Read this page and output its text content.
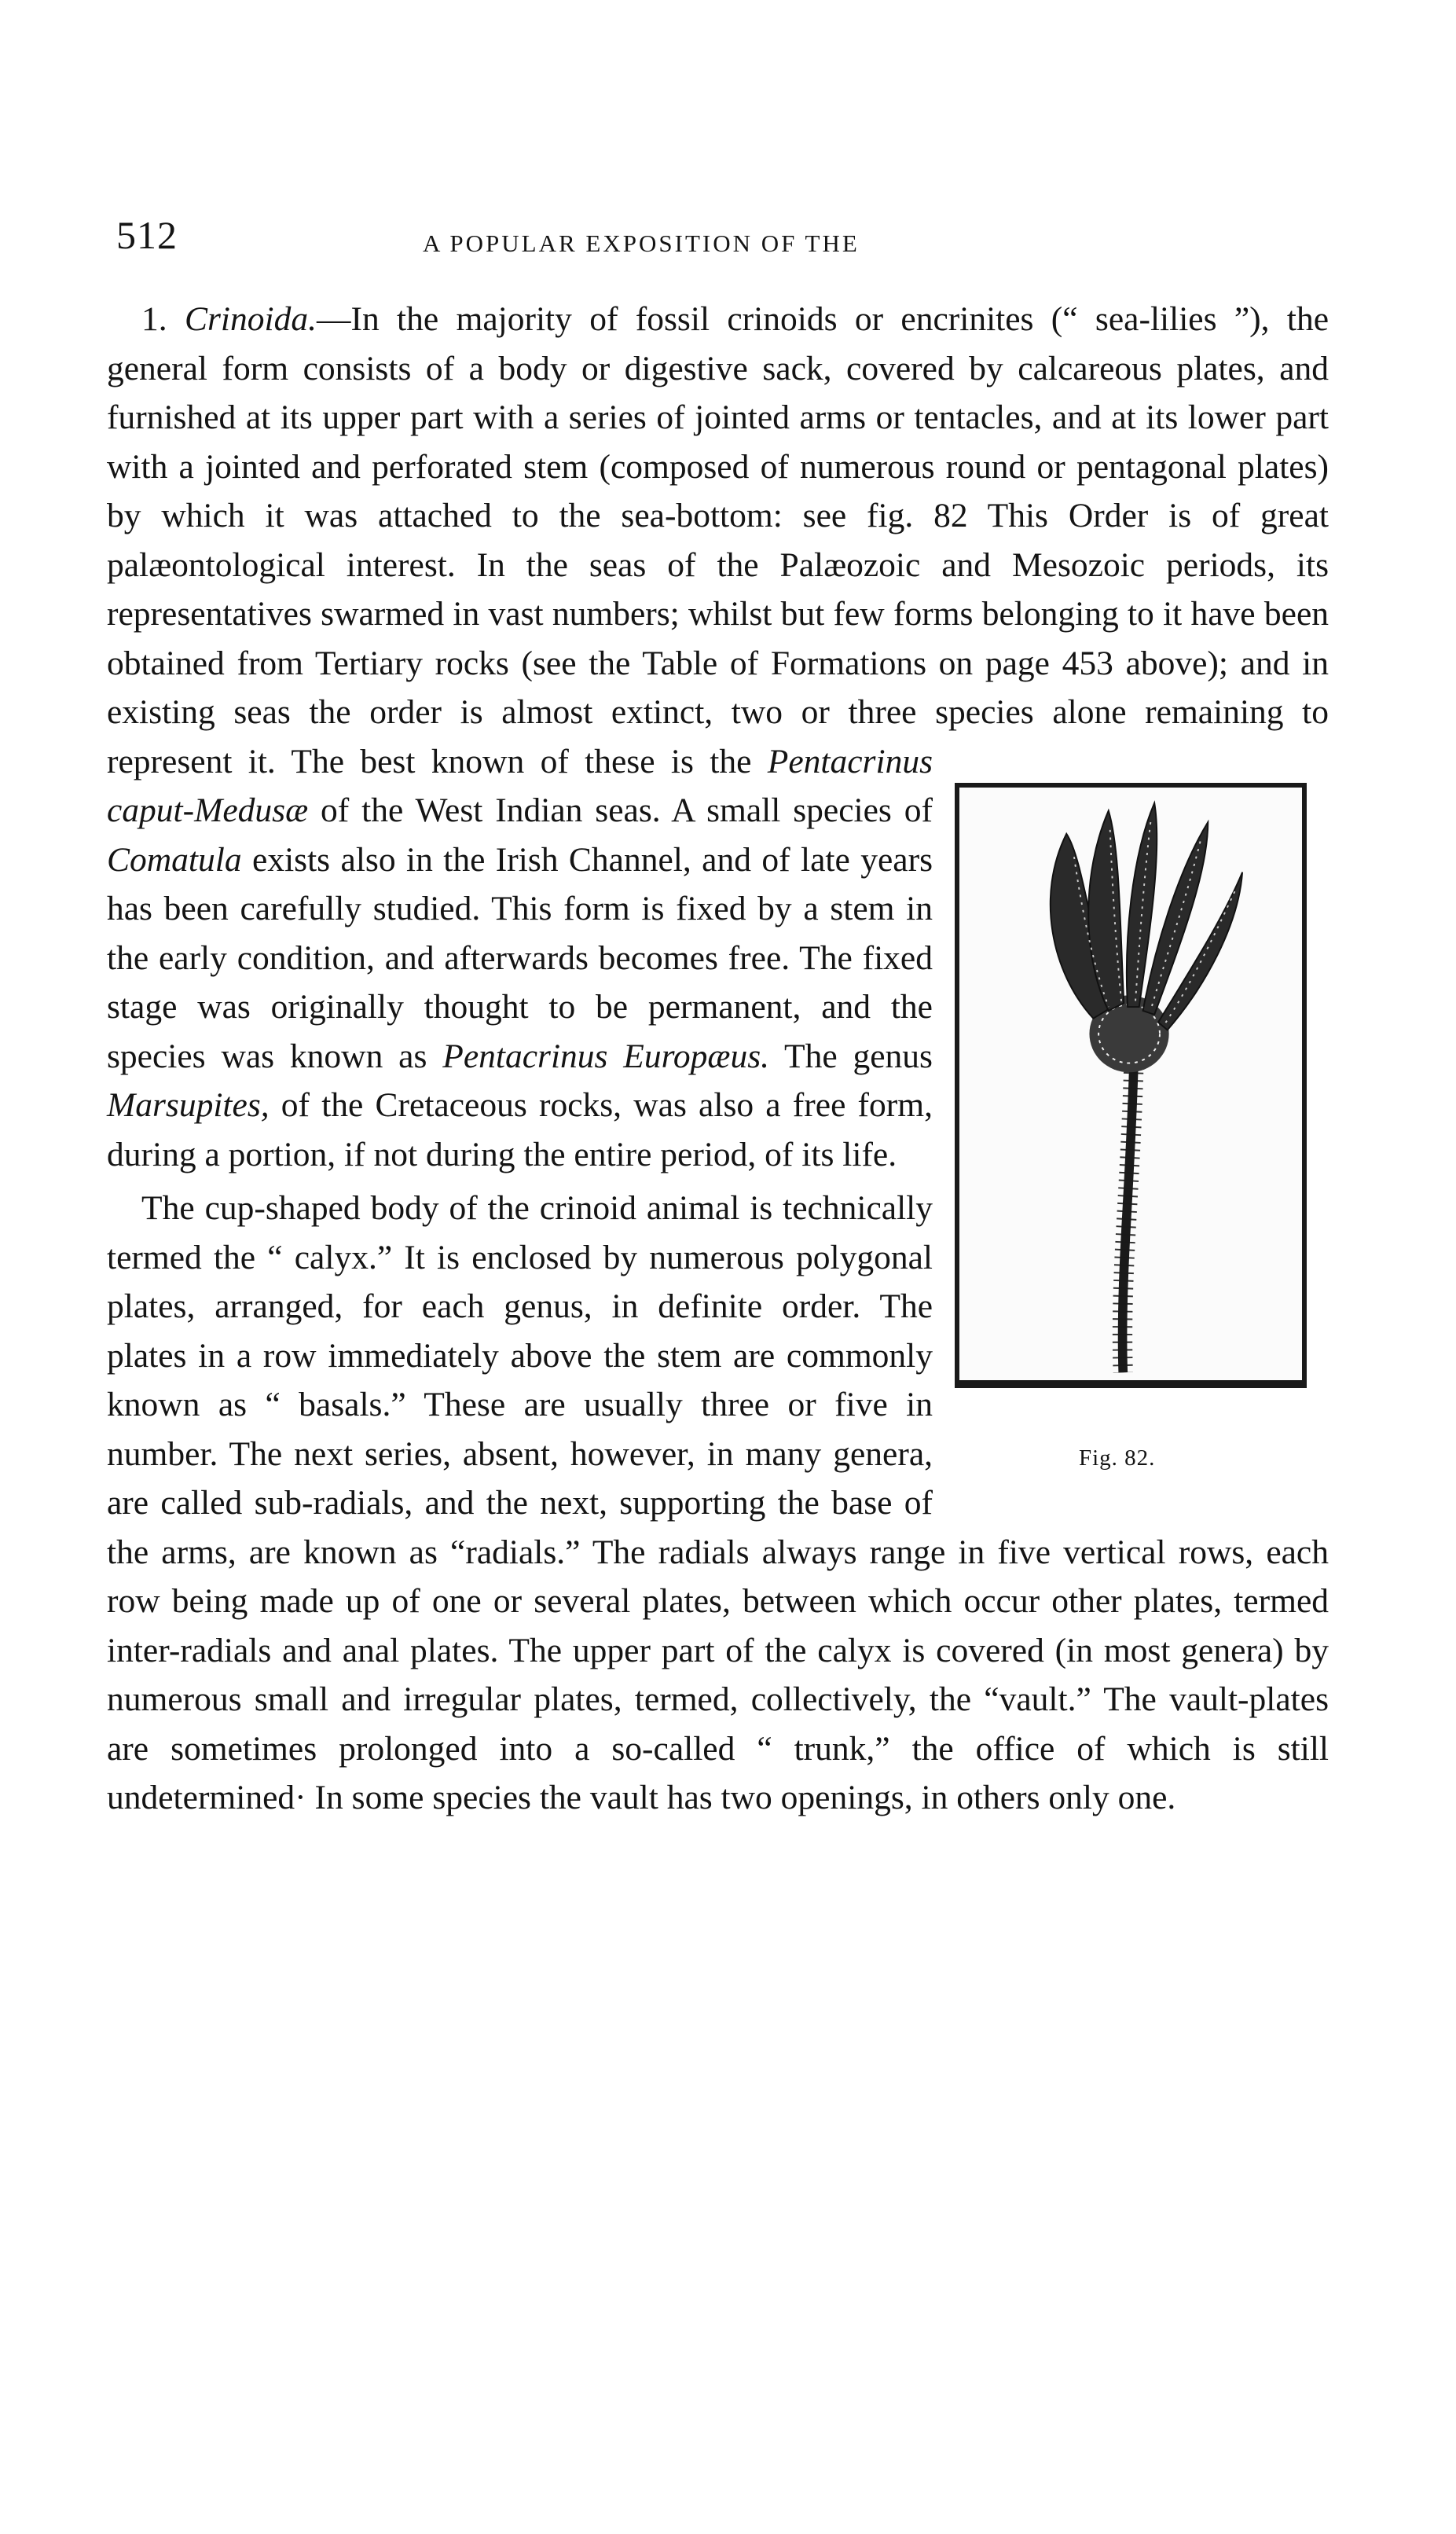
512	A POPULAR EXPOSITION OF THE

1. Crinoida.—In the majority of fossil crinoids or encrinites (“ sea-lilies ”), the general form consists of a body or digestive sack, covered by calcareous plates, and furnished at its upper part with a series of jointed arms or tentacles, and at its lower part with a jointed and perforated stem (composed of numerous round or pentagonal plates) by which it was attached to the sea-bottom: see fig. 82 This Order is of great palæontological interest. In the seas of the Palæozoic and Mesozoic periods, its representatives swarmed in vast numbers; whilst but few forms belonging to it have been obtained from Tertiary rocks (see the Table of Formations on page 453 above); and in existing seas the order is almost extinct, two or three species alone remaining to represent it. The best known of these is the
Fig. 82.
Pentacrinus caput-Medusæ of the West Indian seas. A small species of Comatula exists also in the Irish Channel, and of late years has been carefully studied. This form is fixed by a stem in the early condition, and afterwards becomes free. The fixed stage was originally thought to be permanent, and the species was known as Pentacrinus Europæus. The genus Marsupites, of the Cretaceous rocks, was also a free form, during a portion, if not during the entire period, of its life.

The cup-shaped body of the crinoid animal is technically termed the “ calyx.” It is enclosed by numerous polygonal plates, arranged, for each genus, in definite order. The plates in a row immediately above the stem are commonly known as “ basals.” These are usually three or five in number. The next series, absent, however, in many genera, are called sub-radials, and the next, supporting the base of the arms, are known as “radials.” The radials always range in five vertical rows, each row being made up of one or several plates, between which occur other plates, termed inter-radials and anal plates. The upper part of the calyx is covered (in most genera) by numerous small and irregular plates, termed, collectively, the “vault.” The vault-plates are sometimes prolonged into a so-called “ trunk,” the office of which is still undetermined· In some species the vault has two openings, in others only one.
